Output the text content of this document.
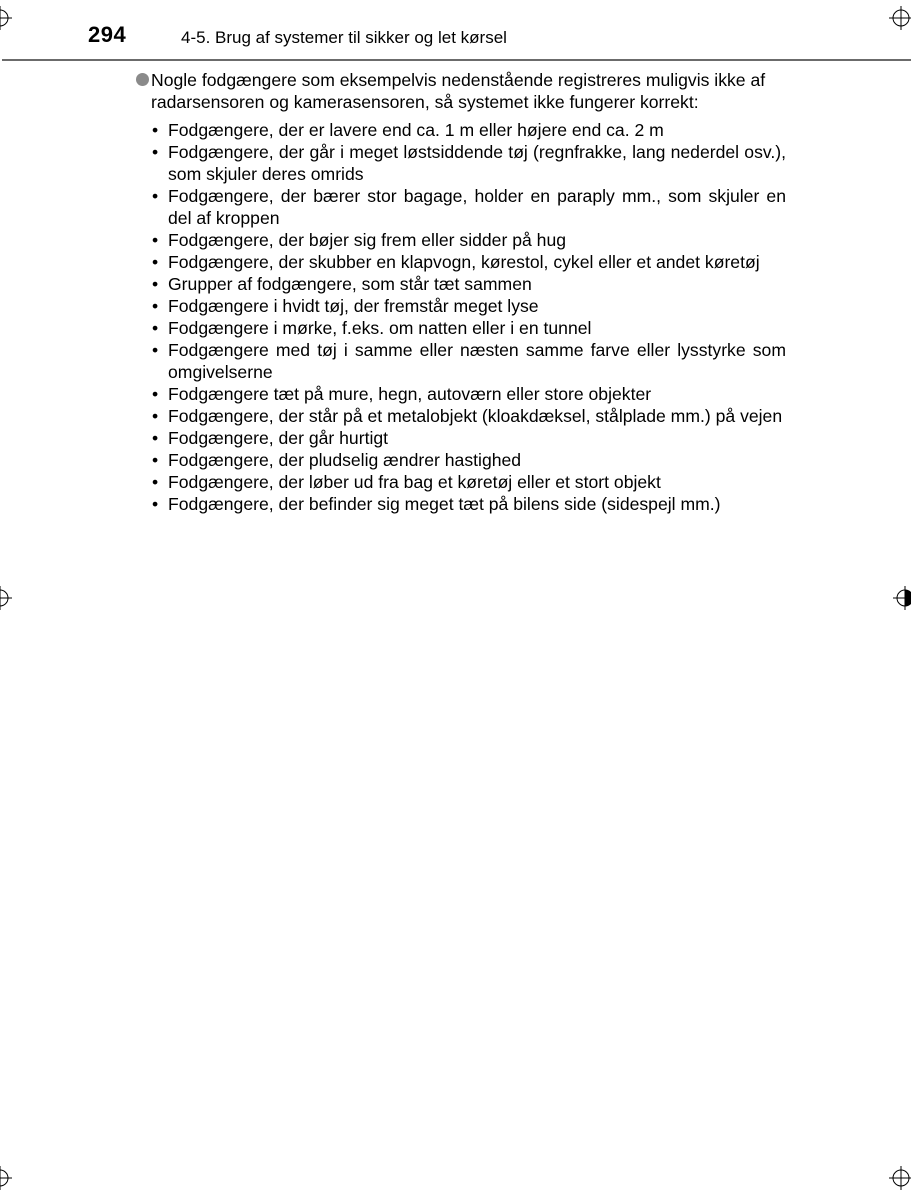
294	4-5. Brug af systemer til sikker og let kørsel
Nogle fodgængere som eksempelvis nedenstående registreres muligvis ikke af radarsensoren og kamerasensoren, så systemet ikke fungerer korrekt:
• Fodgængere, der er lavere end ca. 1 m eller højere end ca. 2 m
• Fodgængere, der går i meget løstsiddende tøj (regnfrakke, lang nederdel osv.), som skjuler deres omrids
• Fodgængere, der bærer stor bagage, holder en paraply mm., som skjuler en del af kroppen
• Fodgængere, der bøjer sig frem eller sidder på hug
• Fodgængere, der skubber en klapvogn, kørestol, cykel eller et andet køretøj
• Grupper af fodgængere, som står tæt sammen
• Fodgængere i hvidt tøj, der fremstår meget lyse
• Fodgængere i mørke, f.eks. om natten eller i en tunnel
• Fodgængere med tøj i samme eller næsten samme farve eller lysstyrke som omgivelserne
• Fodgængere tæt på mure, hegn, autoværn eller store objekter
• Fodgængere, der står på et metalobjekt (kloakdæksel, stålplade mm.) på vejen
• Fodgængere, der går hurtigt
• Fodgængere, der pludselig ændrer hastighed
• Fodgængere, der løber ud fra bag et køretøj eller et stort objekt
• Fodgængere, der befinder sig meget tæt på bilens side (sidespejl mm.)
